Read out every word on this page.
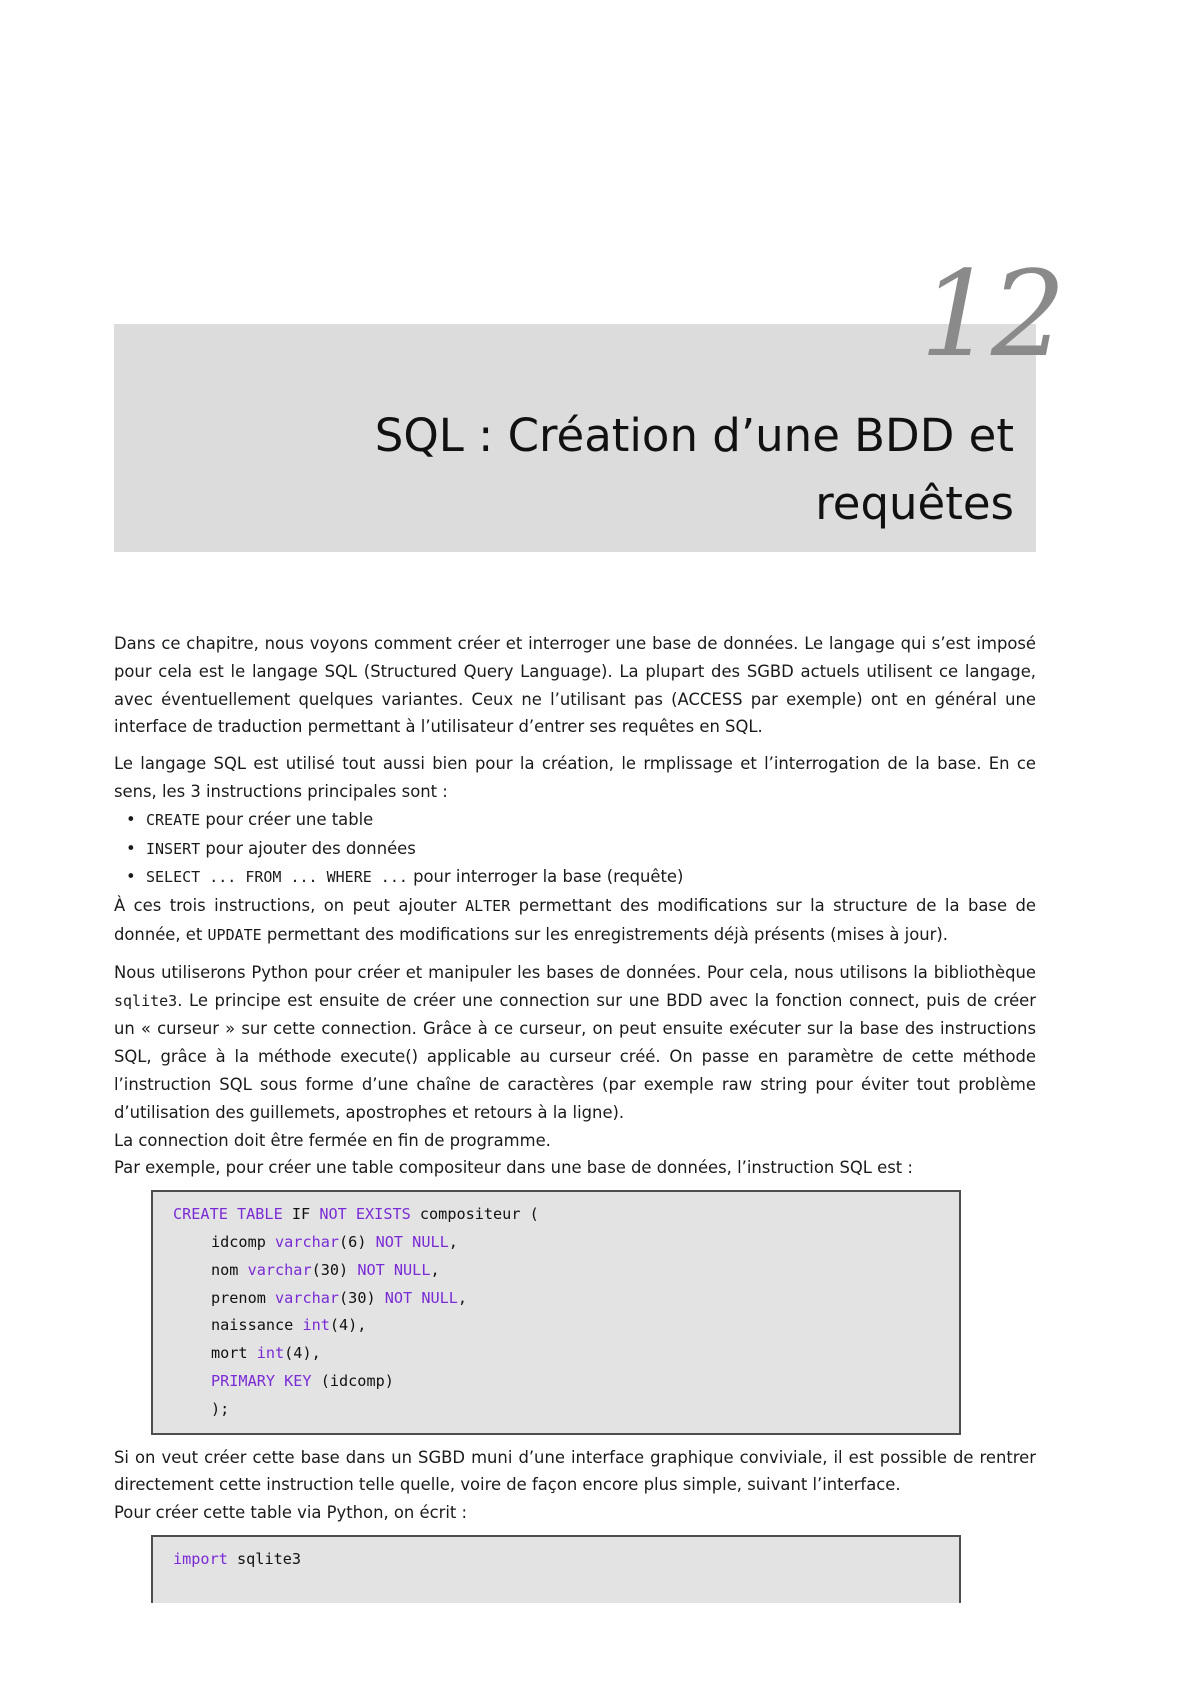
12
SQL : Création d’une BDD et requêtes

Dans ce chapitre, nous voyons comment créer et interroger une base de données. Le langage qui s’est imposé pour cela est le langage SQL (Structured Query Language). La plupart des SGBD actuels utilisent ce langage, avec éventuellement quelques variantes. Ceux ne l’utilisant pas (ACCESS par exemple) ont en général une interface de traduction permettant à l’utilisateur d’entrer ses requêtes en SQL.

Le langage SQL est utilisé tout aussi bien pour la création, le rmplissage et l’interrogation de la base. En ce sens, les 3 instructions principales sont :

• CREATE pour créer une table
• INSERT pour ajouter des données
• SELECT ... FROM ... WHERE ... pour interroger la base (requête)

À ces trois instructions, on peut ajouter ALTER permettant des modifications sur la structure de la base de donnée, et UPDATE permettant des modifications sur les enregistrements déjà présents (mises à jour).

Nous utiliserons Python pour créer et manipuler les bases de données. Pour cela, nous utilisons la bibliothèque sqlite3. Le principe est ensuite de créer une connection sur une BDD avec la fonction connect, puis de créer un « curseur » sur cette connection. Grâce à ce curseur, on peut ensuite exécuter sur la base des instructions SQL, grâce à la méthode execute() applicable au curseur créé. On passe en paramètre de cette méthode l’instruction SQL sous forme d’une chaîne de caractères (par exemple raw string pour éviter tout problème d’utilisation des guillemets, apostrophes et retours à la ligne).

La connection doit être fermée en fin de programme.

Par exemple, pour créer une table compositeur dans une base de données, l’instruction SQL est :

CREATE TABLE IF NOT EXISTS compositeur (
idcomp varchar(6) NOT NULL,
nom varchar(30) NOT NULL,
prenom varchar(30) NOT NULL,
naissance int(4),
mort int(4),
PRIMARY KEY (idcomp)
);

Si on veut créer cette base dans un SGBD muni d’une interface graphique conviviale, il est possible de rentrer directement cette instruction telle quelle, voire de façon encore plus simple, suivant l’interface.

Pour créer cette table via Python, on écrit :

import sqlite3
